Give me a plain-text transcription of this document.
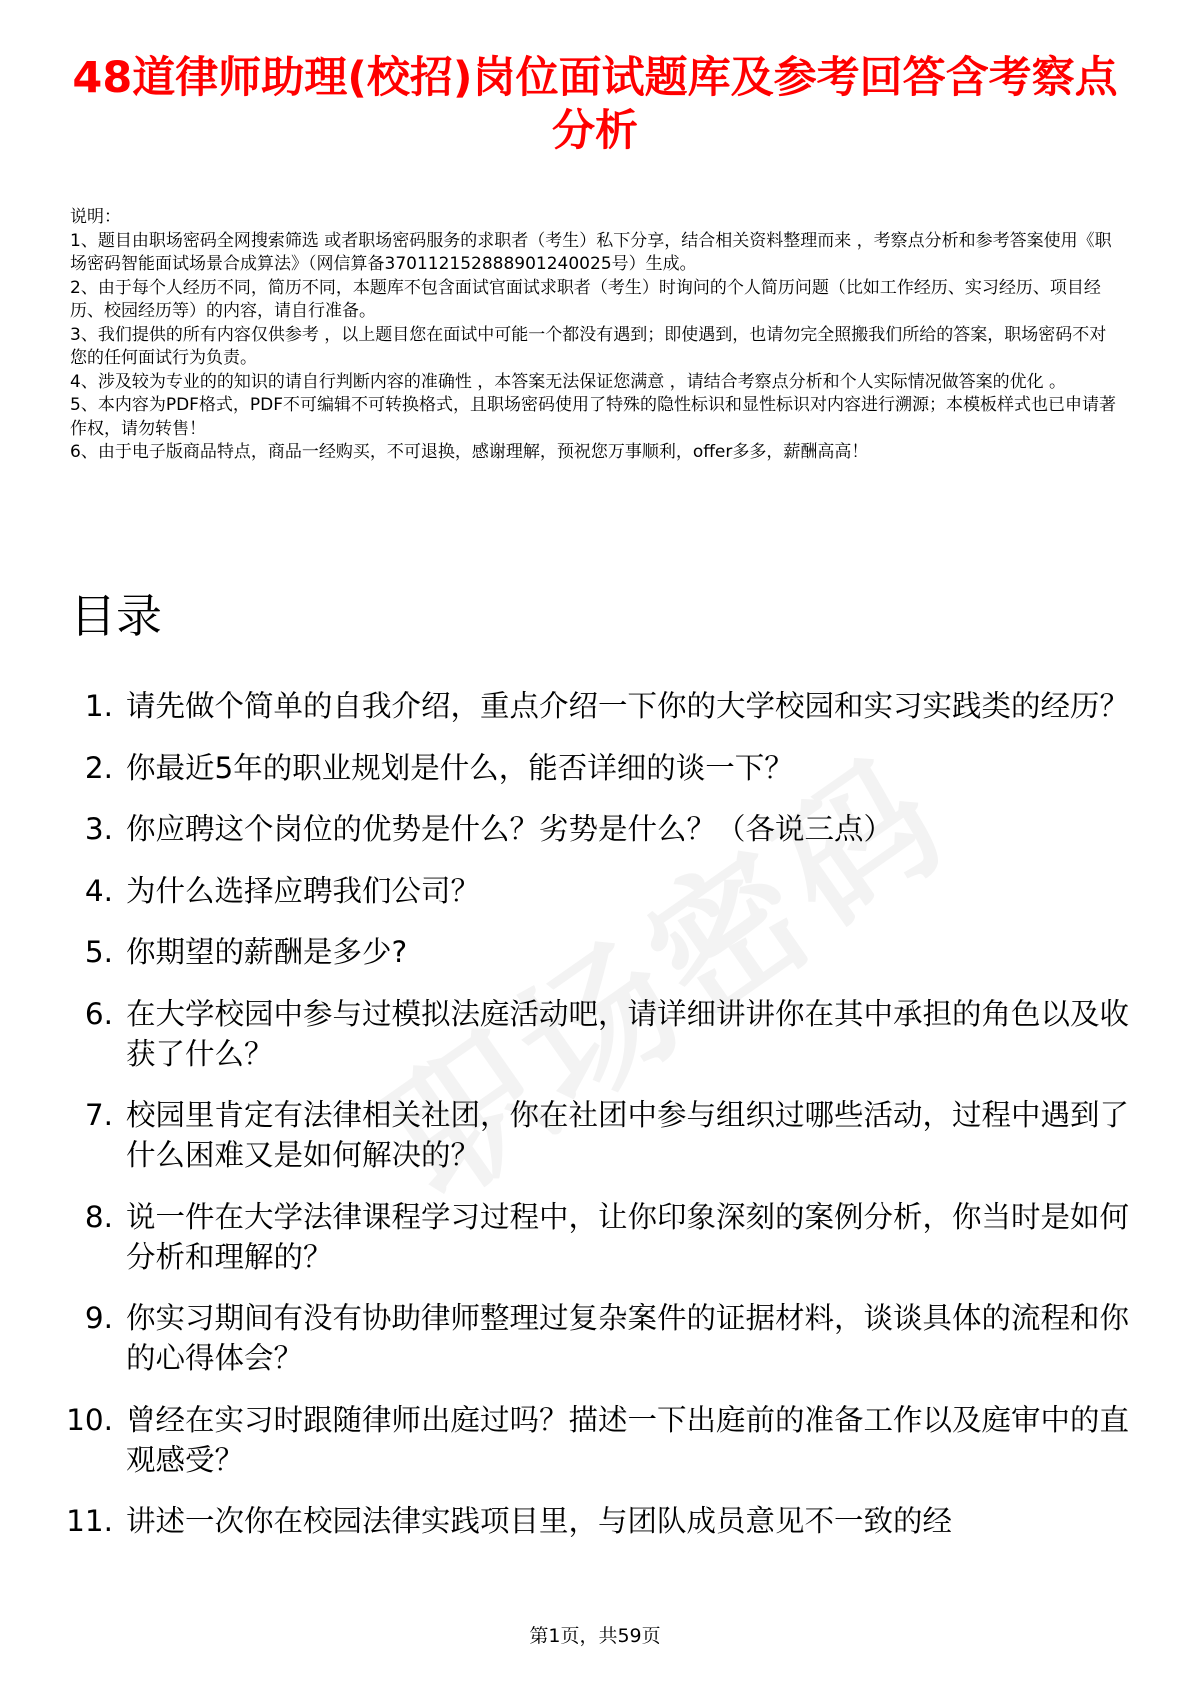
48道律师助理(校招)岗位面试题库及参考回答含考察点分析

说明：

1、题目由职场密码全网搜索筛选 或者职场密码服务的求职者（考生）私下分享，结合相关资料整理而来 ，考察点分析和参考答案使用《职场密码智能面试场景合成算法》（网信算备370112152888901240025号）生成。

2、由于每个人经历不同，简历不同，本题库不包含面试官面试求职者（考生）时询问的个人简历问题（比如工作经历、实习经历、项目经历、校园经历等）的内容，请自行准备。

3、我们提供的所有内容仅供参考 ，以上题目您在面试中可能一个都没有遇到；即使遇到，也请勿完全照搬我们所给的答案，职场密码不对您的任何面试行为负责。

4、涉及较为专业的的知识的请自行判断内容的准确性 ，本答案无法保证您满意 ，请结合考察点分析和个人实际情况做答案的优化 。

5、本内容为PDF格式，PDF不可编辑不可转换格式，且职场密码使用了特殊的隐性标识和显性标识对内容进行溯源；本模板样式也已申请著作权，请勿转售！

6、由于电子版商品特点，商品一经购买，不可退换，感谢理解，预祝您万事顺利，offer多多，薪酬高高！

目录
1. 请先做个简单的自我介绍，重点介绍一下你的大学校园和实习实践类的经历？
2. 你最近5年的职业规划是什么，能否详细的谈一下？
3. 你应聘这个岗位的优势是什么？劣势是什么？（各说三点）
4. 为什么选择应聘我们公司？
5. 你期望的薪酬是多少?
6. 在大学校园中参与过模拟法庭活动吧，请详细讲讲你在其中承担的角色以及收获了什么？
7. 校园里肯定有法律相关社团，你在社团中参与组织过哪些活动，过程中遇到了什么困难又是如何解决的？
8. 说一件在大学法律课程学习过程中，让你印象深刻的案例分析，你当时是如何分析和理解的？
9. 你实习期间有没有协助律师整理过复杂案件的证据材料，谈谈具体的流程和你的心得体会？
10. 曾经在实习时跟随律师出庭过吗？描述一下出庭前的准备工作以及庭审中的直观感受？
11. 讲述一次你在校园法律实践项目里，与团队成员意见不一致的经
第1页，共59页
